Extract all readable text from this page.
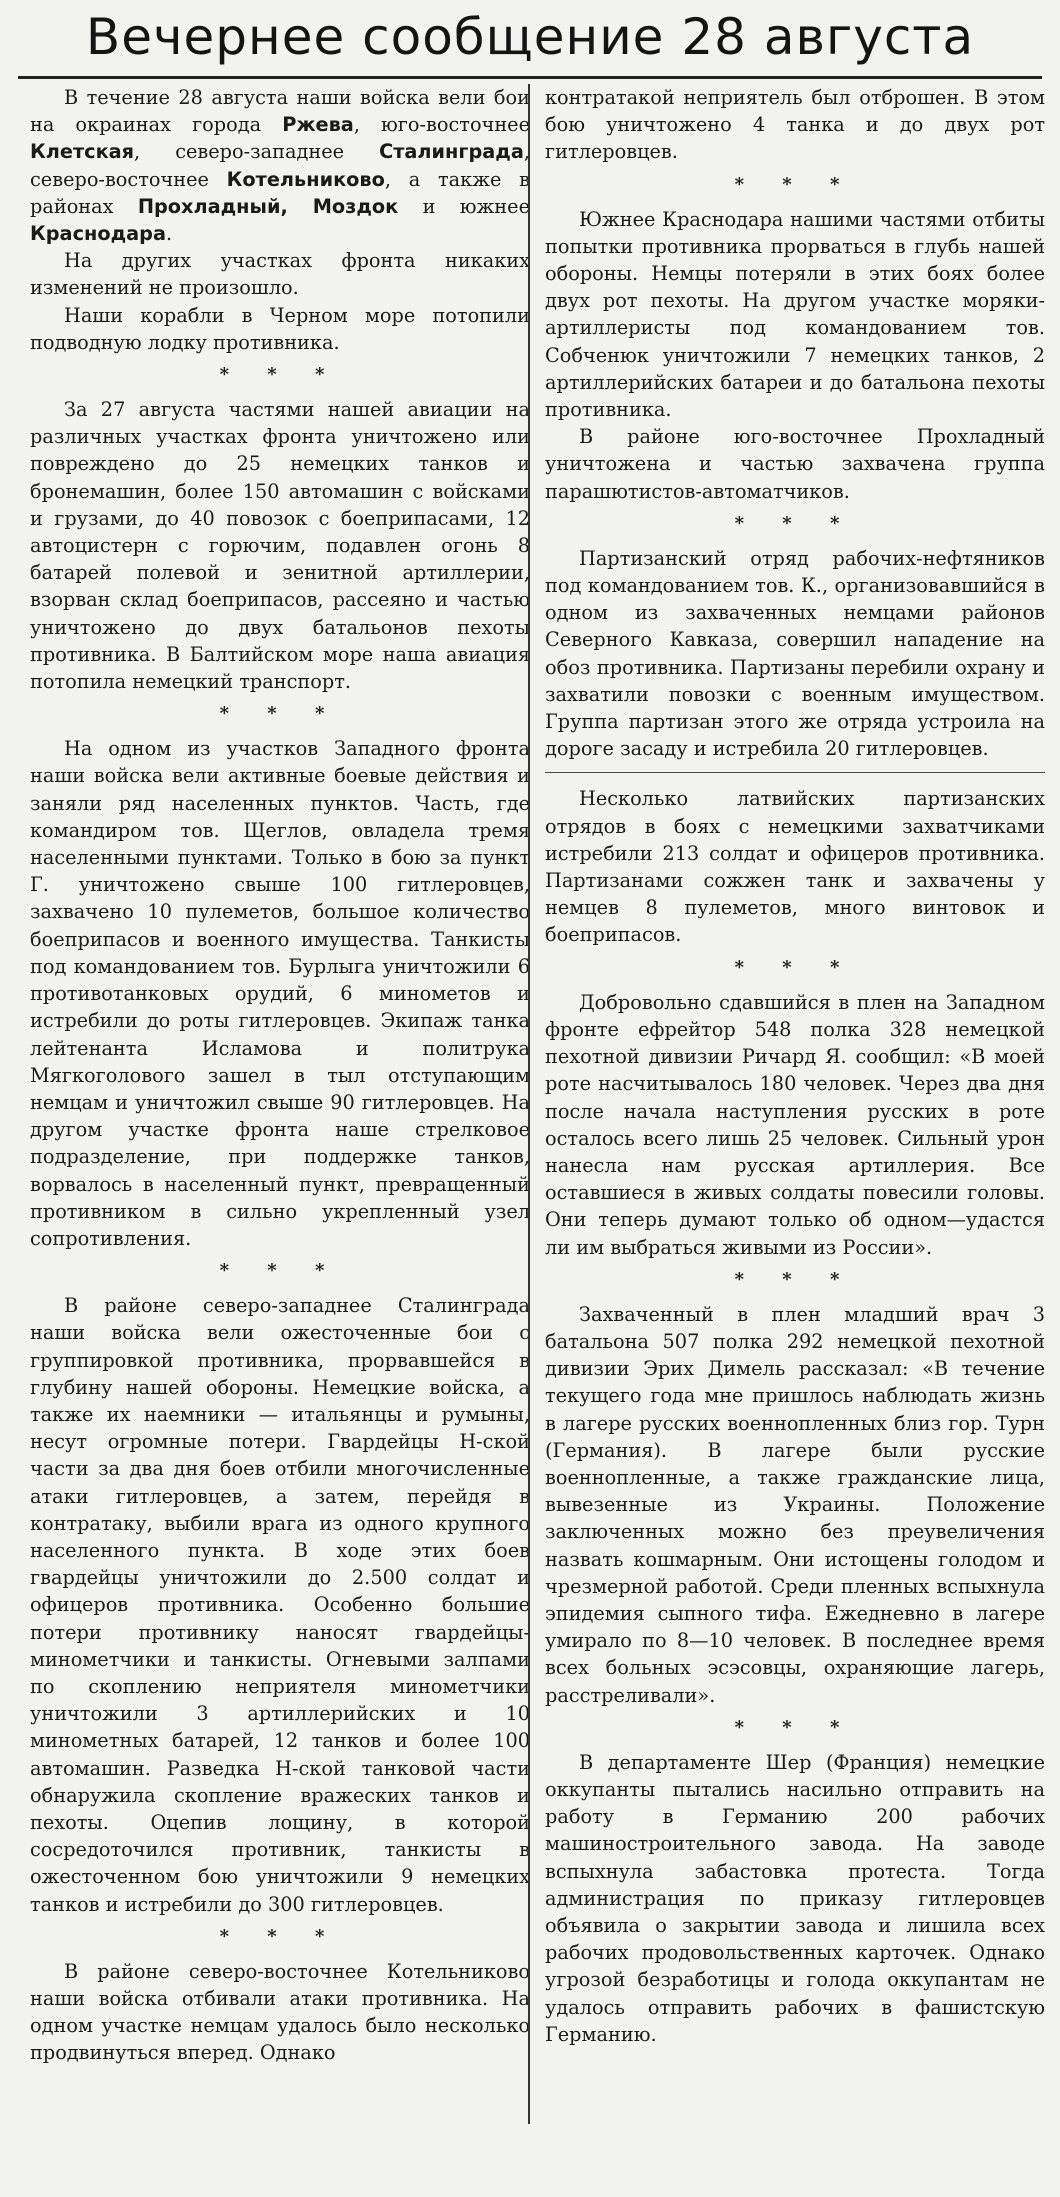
Вечернее сообщение 28 августа

В течение 28 августа наши войска вели бои на окраинах города Ржева, юго-восточнее Клетская, северо-западнее Сталинграда, северо-восточнее Котельниково, а также в районах Прохладный, Моздок и южнее Краснодара.

На других участках фронта никаких изменений не произошло.

Наши корабли в Черном море потопили подводную лодку противника.

* * *

За 27 августа частями нашей авиации на различных участках фронта уничтожено или повреждено до 25 немецких танков и бронемашин, более 150 автомашин с войсками и грузами, до 40 повозок с боеприпасами, 12 автоцистерн с горючим, подавлен огонь 8 батарей полевой и зенитной артиллерии, взорван склад боеприпасов, рассеяно и частью уничтожено до двух батальонов пехоты противника. В Балтийском море наша авиация потопила немецкий транспорт.

* * *

На одном из участков Западного фронта наши войска вели активные боевые действия и заняли ряд населенных пунктов. Часть, где командиром тов. Щеглов, овладела тремя населенными пунктами. Только в бою за пункт Г. уничтожено свыше 100 гитлеровцев, захвачено 10 пулеметов, большое количество боеприпасов и военного имущества. Танкисты под командованием тов. Бурлыга уничтожили 6 противотанковых орудий, 6 минометов и истребили до роты гитлеровцев. Экипаж танка лейтенанта Исламова и политрука Мягкоголового зашел в тыл отступающим немцам и уничтожил свыше 90 гитлеровцев. На другом участке фронта наше стрелковое подразделение, при поддержке танков, ворвалось в населенный пункт, превращенный противником в сильно укрепленный узел сопротивления.

* * *

В районе северо-западнее Сталинграда наши войска вели ожесточенные бои с группировкой противника, прорвавшейся в глубину нашей обороны. Немецкие войска, а также их наемники — итальянцы и румыны, несут огромные потери. Гвардейцы Н-ской части за два дня боев отбили многочисленные атаки гитлеровцев, а затем, перейдя в контратаку, выбили врага из одного крупного населенного пункта. В ходе этих боев гвардейцы уничтожили до 2.500 солдат и офицеров противника. Особенно большие потери противнику наносят гвардейцы-минометчики и танкисты. Огневыми залпами по скоплению неприятеля минометчики уничтожили 3 артиллерийских и 10 минометных батарей, 12 танков и более 100 автомашин. Разведка Н-ской танковой части обнаружила скопление вражеских танков и пехоты. Оцепив лощину, в которой сосредоточился противник, танкисты в ожесточенном бою уничтожили 9 немецких танков и истребили до 300 гитлеровцев.

* * *

В районе северо-восточнее Котельниково наши войска отбивали атаки противника. На одном участке немцам удалось было несколько продвинуться вперед. Однако

контратакой неприятель был отброшен. В этом бою уничтожено 4 танка и до двух рот гитлеровцев.

* * *

Южнее Краснодара нашими частями отбиты попытки противника прорваться в глубь нашей обороны. Немцы потеряли в этих боях более двух рот пехоты. На другом участке моряки-артиллеристы под командованием тов. Собченюк уничтожили 7 немецких танков, 2 артиллерийских батареи и до батальона пехоты противника.

В районе юго-восточнее Прохладный уничтожена и частью захвачена группа парашютистов-автоматчиков.

* * *

Партизанский отряд рабочих-нефтяников под командованием тов. К., организовавшийся в одном из захваченных немцами районов Северного Кавказа, совершил нападение на обоз противника. Партизаны перебили охрану и захватили повозки с военным имуществом. Группа партизан этого же отряда устроила на дороге засаду и истребила 20 гитлеровцев.

Несколько латвийских партизанских отрядов в боях с немецкими захватчиками истребили 213 солдат и офицеров противника. Партизанами сожжен танк и захвачены у немцев 8 пулеметов, много винтовок и боеприпасов.

* * *

Добровольно сдавшийся в плен на Западном фронте ефрейтор 548 полка 328 немецкой пехотной дивизии Ричард Я. сообщил: «В моей роте насчитывалось 180 человек. Через два дня после начала наступления русских в роте осталось всего лишь 25 человек. Сильный урон нанесла нам русская артиллерия. Все оставшиеся в живых солдаты повесили головы. Они теперь думают только об одном—удастся ли им выбраться живыми из России».

* * *

Захваченный в плен младший врач 3 батальона 507 полка 292 немецкой пехотной дивизии Эрих Димель рассказал: «В течение текущего года мне пришлось наблюдать жизнь в лагере русских военнопленных близ гор. Турн (Германия). В лагере были русские военнопленные, а также гражданские лица, вывезенные из Украины. Положение заключенных можно без преувеличения назвать кошмарным. Они истощены голодом и чрезмерной работой. Среди пленных вспыхнула эпидемия сыпного тифа. Ежедневно в лагере умирало по 8—10 человек. В последнее время всех больных эсэсовцы, охраняющие лагерь, расстреливали».

* * *

В департаменте Шер (Франция) немецкие оккупанты пытались насильно отправить на работу в Германию 200 рабочих машиностроительного завода. На заводе вспыхнула забастовка протеста. Тогда администрация по приказу гитлеровцев объявила о закрытии завода и лишила всех рабочих продовольственных карточек. Однако угрозой безработицы и голода оккупантам не удалось отправить рабочих в фашистскую Германию.
